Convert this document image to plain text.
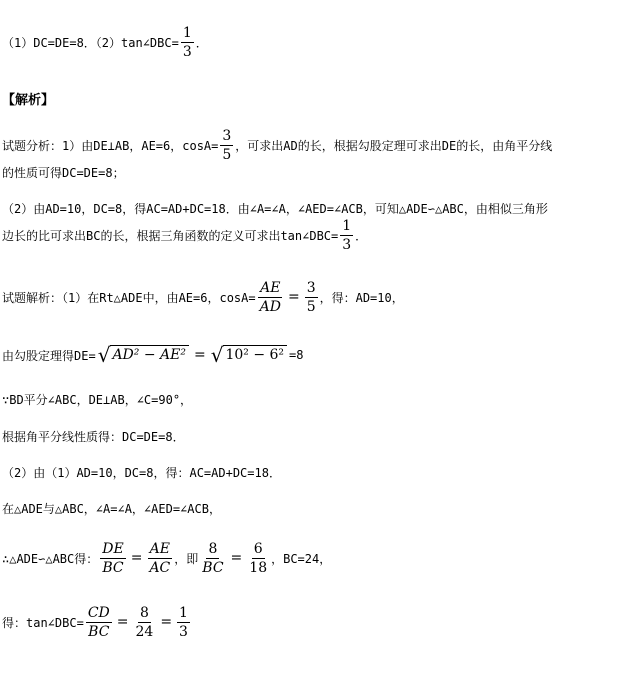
（1）DC=DE=8．（2）tan∠DBC= $\frac{1}{3}$ ．
【解析】
试题分析：1）由DE⊥AB，AE=6，$\cos A= \frac{3}{5}$ ，可求出AD的长，根据勾股定理可求出DE的长，由角平分线
的性质可得DC=DE=8；
（2）由AD=10，DC=8，得AC=AD+DC=18．由∠A=∠A，∠AED=∠ACB，可知△ADE∽△ABC，由相似三角形
边长的比可求出BC的长，根据三角函数的定义可求出tan∠DBC= $\frac{1}{3}$ ．
试题解析：（1）在Rt△ADE中，由AE=6，$\cos A= \frac{AE}{AD} = \frac{3}{5}$ ，得：AD=10，
由勾股定理得DE= √ AD² − AE² = √ 10² − 6² =8
∵BD平分∠ABC，DE⊥AB，∠C=90°，
根据角平分线性质得：DC=DE=8．
（2）由（1）AD=10，DC=8，得：AC=AD+DC=18．
在△ADE与△ABC，∠A=∠A，∠AED=∠ACB，
∴△ADE∽△ABC得： $\frac{DE}{BC} = \frac{AE}{AC}$ ，即 $\frac{8}{BC} = \frac{6}{18}$ ，BC=24，
得：tan∠DBC= $\frac{CD}{BC} = \frac{8}{24} = \frac{1}{3}$
